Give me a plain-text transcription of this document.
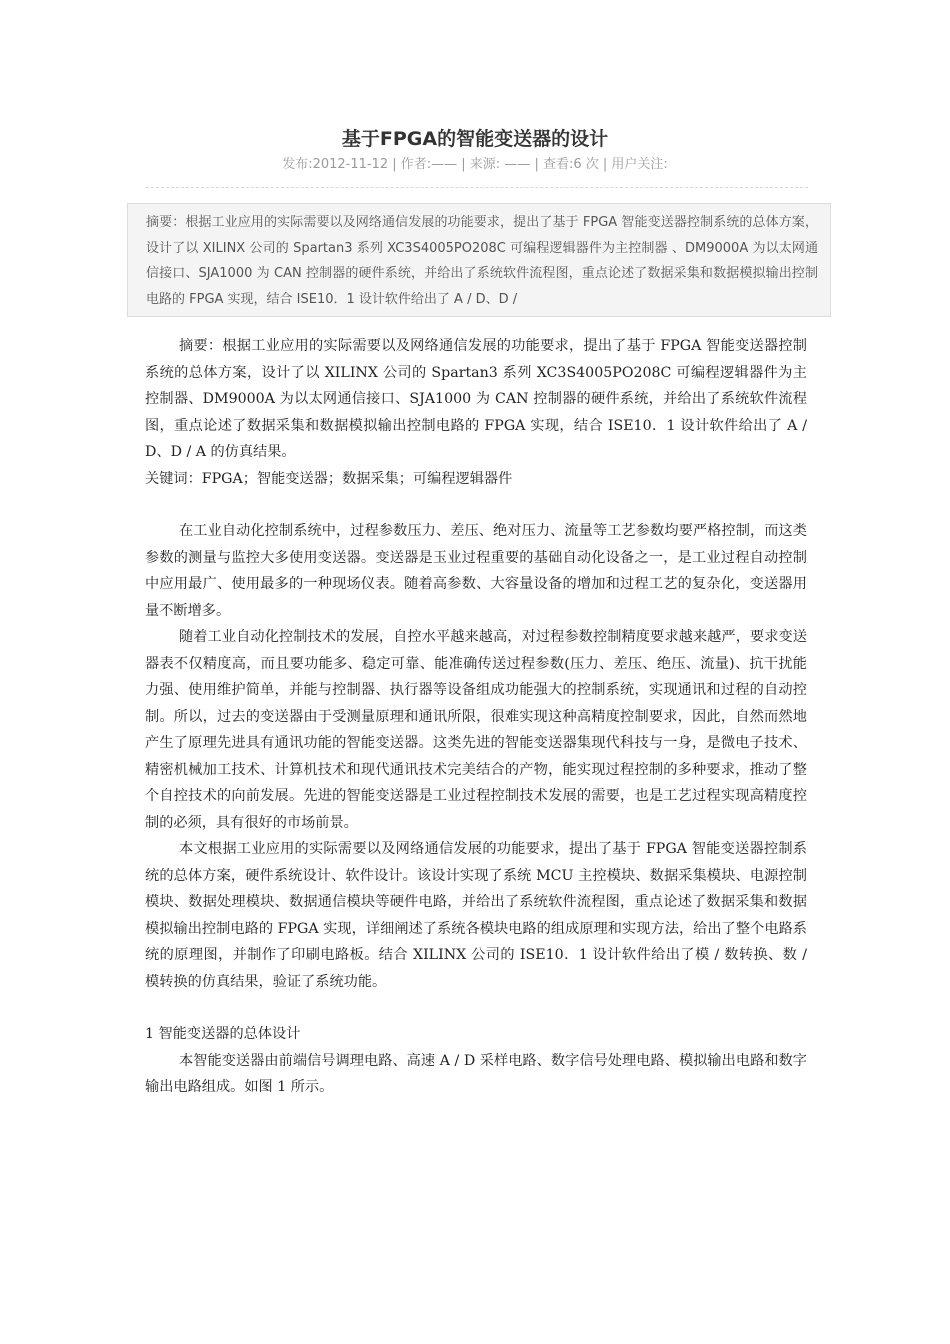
基于FPGA的智能变送器的设计
发布:2012-11-12 | 作者:—— | 来源: —— | 查看:6 次 | 用户关注:
摘要：根据工业应用的实际需要以及网络通信发展的功能要求，提出了基于 FPGA 智能变送器控制系统的总体方案，设计了以 XILINX 公司的 Spartan3 系列 XC3S4005PO208C 可编程逻辑器件为主控制器 、DM9000A 为以太网通信接口、SJA1000 为 CAN 控制器的硬件系统，并给出了系统软件流程图，重点论述了数据采集和数据模拟输出控制电路的 FPGA 实现，结合 ISE10．1 设计软件给出了 A / D、D /

摘要：根据工业应用的实际需要以及网络通信发展的功能要求，提出了基于 FPGA 智能变送器控制系统的总体方案，设计了以 XILINX 公司的 Spartan3 系列 XC3S4005PO208C 可编程逻辑器件为主控制器、DM9000A 为以太网通信接口、SJA1000 为 CAN 控制器的硬件系统，并给出了系统软件流程图，重点论述了数据采集和数据模拟输出控制电路的 FPGA 实现，结合 ISE10．1 设计软件给出了 A / D、D / A 的仿真结果。

关键词：FPGA；智能变送器；数据采集；可编程逻辑器件

在工业自动化控制系统中，过程参数压力、差压、绝对压力、流量等工艺参数均要严格控制，而这类参数的测量与监控大多使用变送器。变送器是玉业过程重要的基础自动化设备之一，是工业过程自动控制中应用最广、使用最多的一种现场仪表。随着高参数、大容量设备的增加和过程工艺的复杂化，变送器用量不断增多。

随着工业自动化控制技术的发展，自控水平越来越高，对过程参数控制精度要求越来越严，要求变送器表不仅精度高，而且要功能多、稳定可靠、能准确传送过程参数(压力、差压、绝压、流量)、抗干扰能力强、使用维护简单，并能与控制器、执行器等设备组成功能强大的控制系统，实现通讯和过程的自动控制。所以，过去的变送器由于受测量原理和通讯所限，很难实现这种高精度控制要求，因此，自然而然地产生了原理先进具有通讯功能的智能变送器。这类先进的智能变送器集现代科技与一身，是微电子技术、精密机械加工技术、计算机技术和现代通讯技术完美结合的产物，能实现过程控制的多种要求，推动了整个自控技术的向前发展。先进的智能变送器是工业过程控制技术发展的需要，也是工艺过程实现高精度控制的必须，具有很好的市场前景。

本文根据工业应用的实际需要以及网络通信发展的功能要求，提出了基于 FPGA 智能变送器控制系统的总体方案，硬件系统设计、软件设计。该设计实现了系统 MCU 主控模块、数据采集模块、电源控制模块、数据处理模块、数据通信模块等硬件电路，并给出了系统软件流程图，重点论述了数据采集和数据模拟输出控制电路的 FPGA 实现，详细阐述了系统各模块电路的组成原理和实现方法，给出了整个电路系统的原理图，并制作了印刷电路板。结合 XILINX 公司的 ISE10．1 设计软件给出了模 / 数转换、数 / 模转换的仿真结果，验证了系统功能。

1 智能变送器的总体设计

本智能变送器由前端信号调理电路、高速 A / D 采样电路、数字信号处理电路、模拟输出电路和数字输出电路组成。如图 1 所示。
